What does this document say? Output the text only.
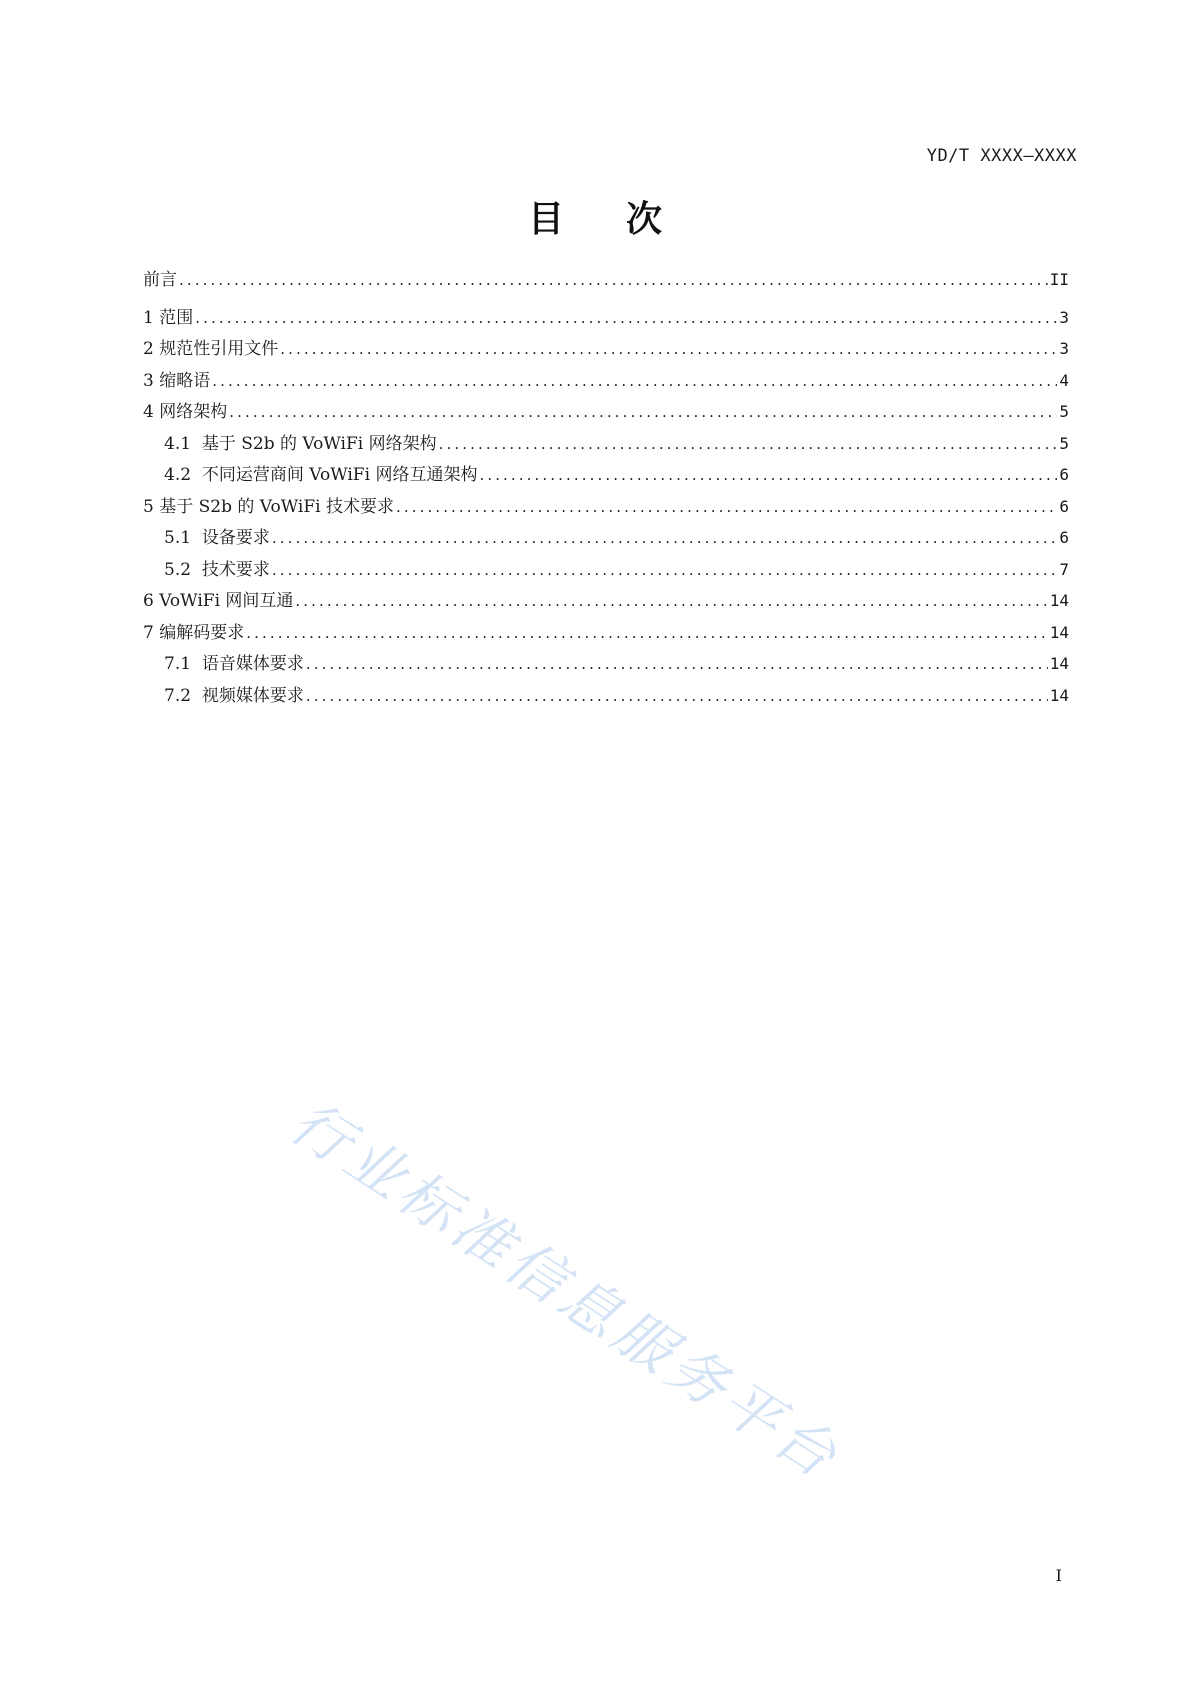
YD/T XXXX—XXXX
目次
前言 .....	II
1 范围 .....	3
2 规范性引用文件 .....	3
3 缩略语 .....	4
4 网络架构 .....	5
4.1  基于 S2b 的 VoWiFi 网络架构 .....	5
4.2  不同运营商间 VoWiFi 网络互通架构 .....	6
5 基于 S2b 的 VoWiFi 技术要求 .....	6
5.1  设备要求 .....	6
5.2  技术要求 .....	7
6 VoWiFi 网间互通 .....	14
7 编解码要求 .....	14
7.1  语音媒体要求 .....	14
7.2  视频媒体要求 .....	14
行业标准信息服务平台
I
